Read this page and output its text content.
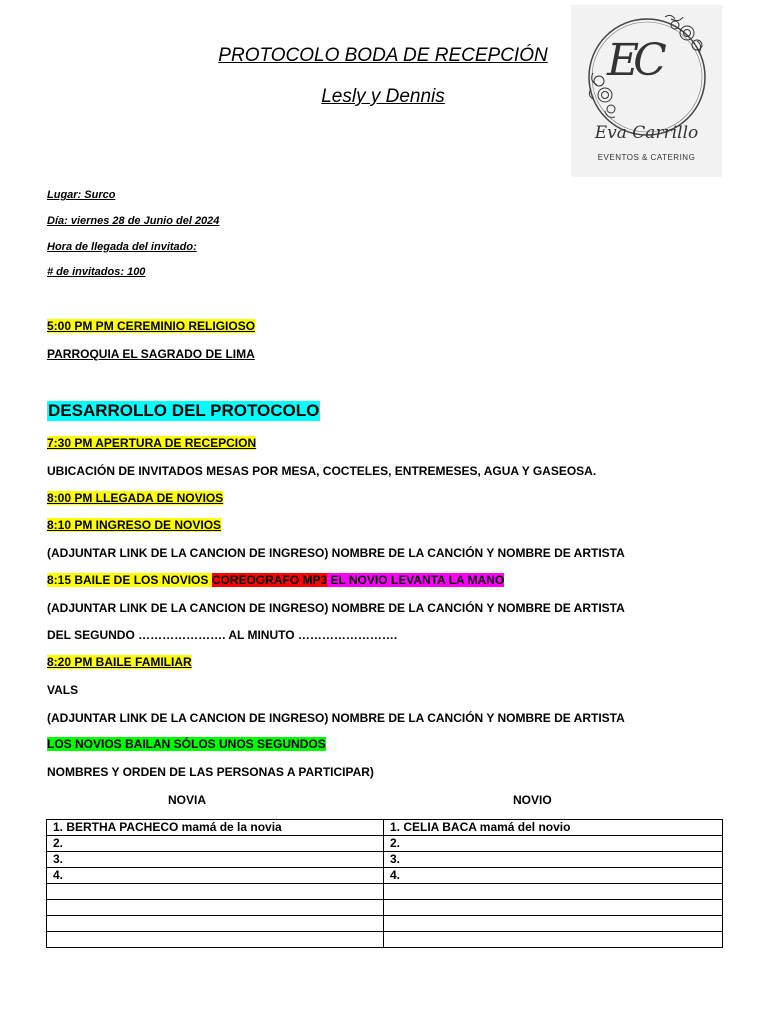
PROTOCOLO BODA DE RECEPCIÓN
Lesly y Dennis
EC
Eva Carrillo
EVENTOS & CATERING
Lugar: Surco
Día: viernes 28 de Junio del 2024
Hora de llegada del invitado:
# de invitados: 100
5:00 PM PM CEREMINIO RELIGIOSO
PARROQUIA EL SAGRADO DE LIMA
DESARROLLO DEL PROTOCOLO
7:30 PM APERTURA DE RECEPCION
UBICACIÓN DE INVITADOS MESAS POR MESA, COCTELES, ENTREMESES, AGUA Y GASEOSA.
8:00 PM LLEGADA DE NOVIOS
8:10 PM INGRESO DE NOVIOS
(ADJUNTAR LINK DE LA CANCION DE INGRESO) NOMBRE DE LA CANCIÓN Y NOMBRE DE ARTISTA
8:15 BAILE DE LOS NOVIOS COREOGRAFO MP3 EL NOVIO LEVANTA LA MANO
(ADJUNTAR LINK DE LA CANCION DE INGRESO) NOMBRE DE LA CANCIÓN Y NOMBRE DE ARTISTA
DEL SEGUNDO …………………. AL MINUTO …………………….
8:20 PM BAILE FAMILIAR
VALS
(ADJUNTAR LINK DE LA CANCION DE INGRESO) NOMBRE DE LA CANCIÓN Y NOMBRE DE ARTISTA
LOS NOVIOS BAILAN SÓLOS UNOS SEGUNDOS
NOMBRES Y ORDEN DE LAS PERSONAS A PARTICIPAR)
NOVIA	NOVIO
1. BERTHA PACHECO mamá de la novia	1. CELIA BACA mamá del novio
2.	2.
3.	3.
4.	4.
